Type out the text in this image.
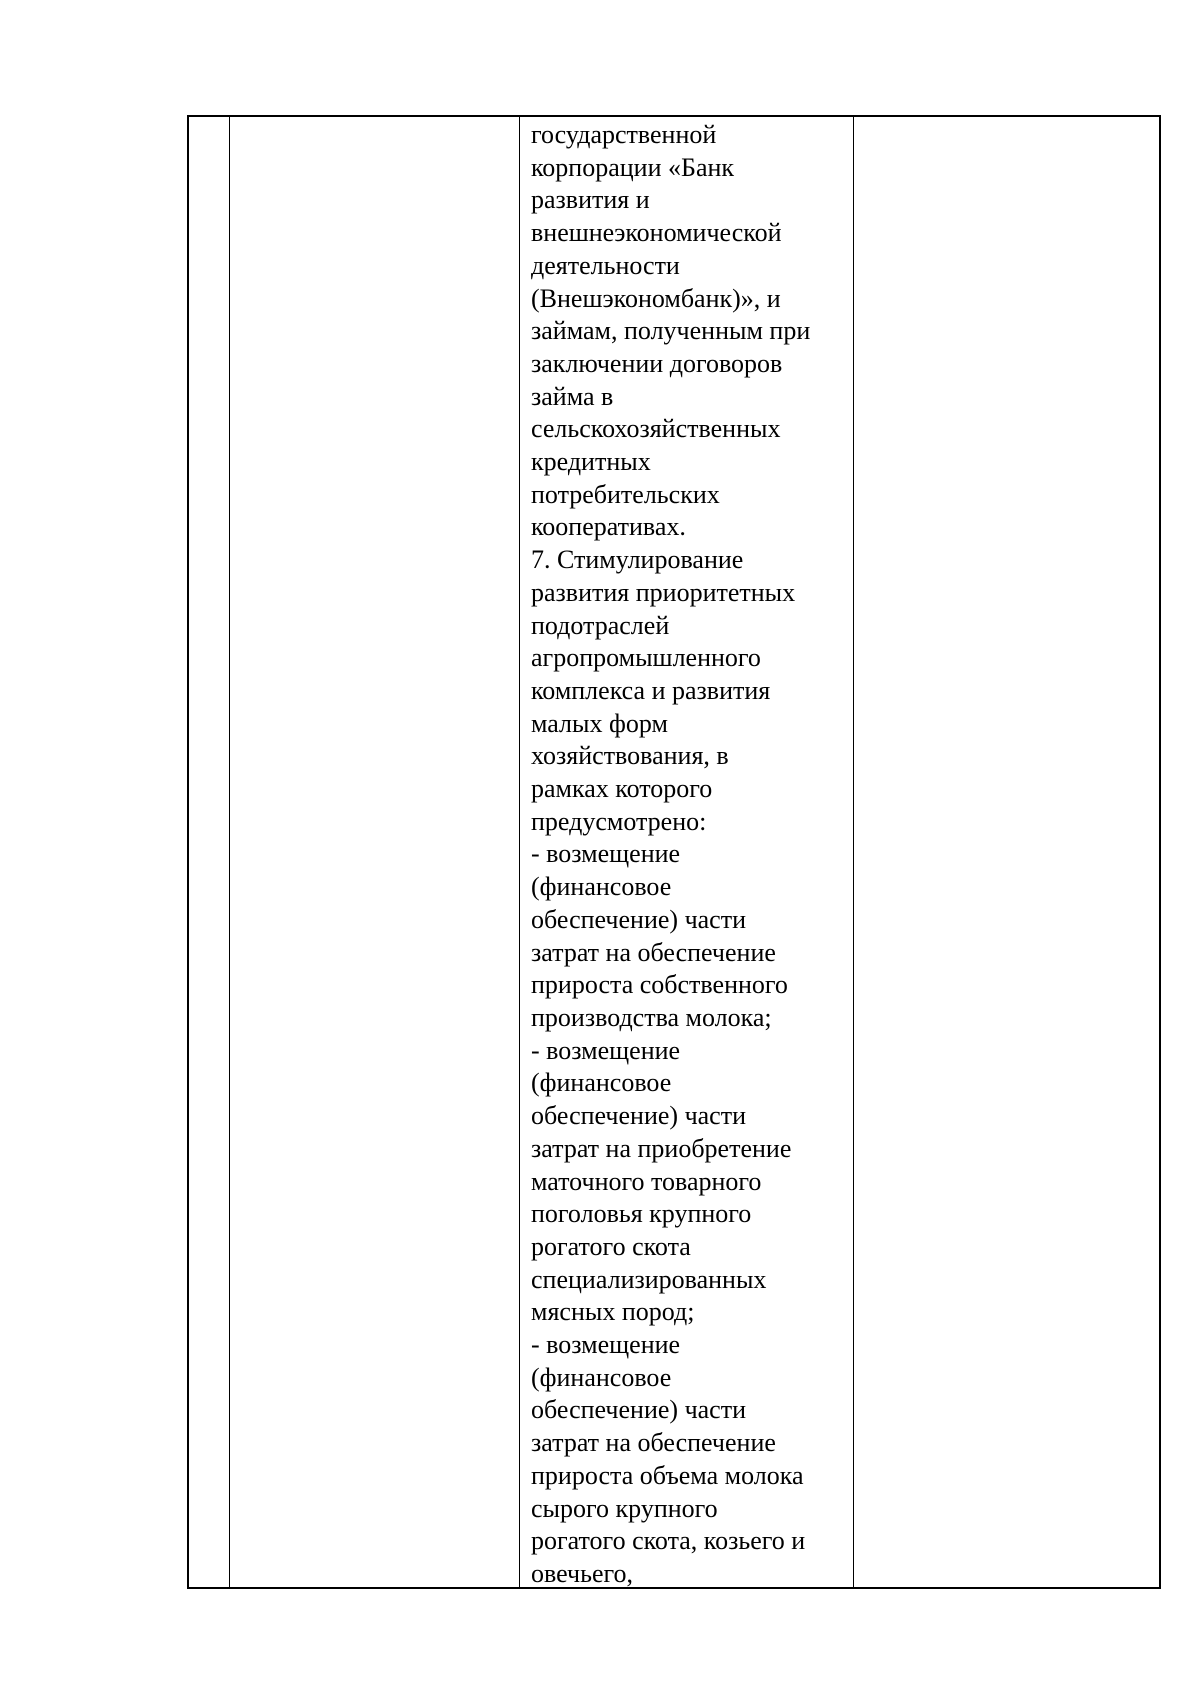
государственной
корпорации «Банк
развития и
внешнеэкономической
деятельности
(Внешэкономбанк)», и
займам, полученным при
заключении договоров
займа в
сельскохозяйственных
кредитных
потребительских
кооперативах.
7. Стимулирование
развития приоритетных
подотраслей
агропромышленного
комплекса и развития
малых форм
хозяйствования, в
рамках которого
предусмотрено:
- возмещение
(финансовое
обеспечение) части
затрат на обеспечение
прироста собственного
производства молока;
- возмещение
(финансовое
обеспечение) части
затрат на приобретение
маточного товарного
поголовья крупного
рогатого скота
специализированных
мясных пород;
- возмещение
(финансовое
обеспечение) части
затрат на обеспечение
прироста объема молока
сырого крупного
рогатого скота, козьего и
овечьего,
